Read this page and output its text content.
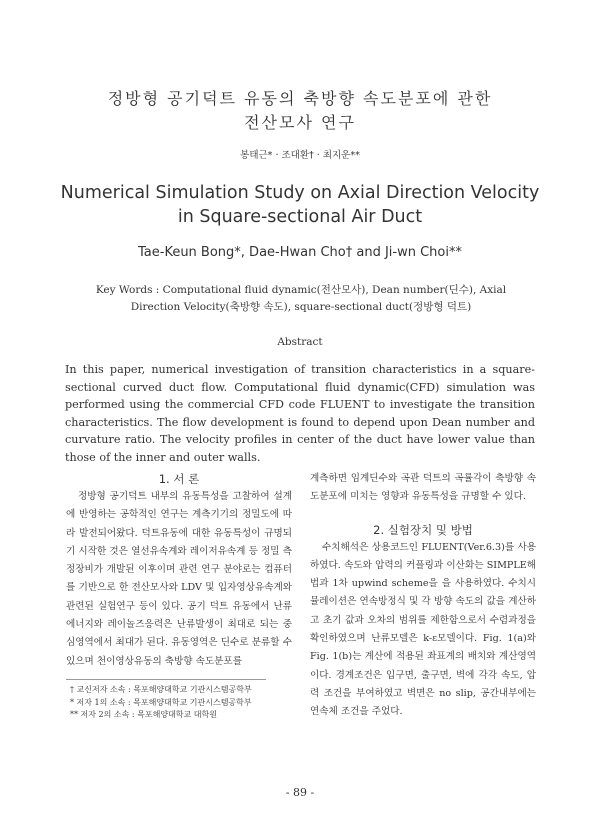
정방형 공기덕트 유동의 축방향 속도분포에 관한
전산모사 연구
봉태근* · 조대환† · 최지운**
Numerical Simulation Study on Axial Direction Velocity
in Square-sectional Air Duct
Tae-Keun Bong*, Dae-Hwan Cho† and Ji-wn Choi**
Key Words : Computational fluid dynamic(전산모사), Dean number(딘수), Axial
Direction Velocity(축방향 속도), square-sectional duct(정방형 덕트)
Abstract
In this paper, numerical investigation of transition characteristics in a square-sectional curved duct flow. Computational fluid dynamic(CFD) simulation was performed using the commercial CFD code FLUENT to investigate the transition characteristics. The flow development is found to depend upon Dean number and curvature ratio. The velocity profiles in center of the duct have lower value than those of the inner and outer walls.

1. 서 론

정방형 공기덕트 내부의 유동특성을 고찰하여 설계에 반영하는 공학적인 연구는 계측기기의 정밀도에 따라 발전되어왔다. 덕트유동에 대한 유동특성이 규명되기 시작한 것은 열선유속계와 레이저유속계 등 정밀 측정장비가 개발된 이후이며 관련 연구 분야로는 컴퓨터를 기반으로 한 전산모사와 LDV 및 입자영상유속계와 관련된 실험연구 등이 있다. 공기 덕트 유동에서 난류에너지와 레이놀즈응력은 난류발생이 최대로 되는 중심영역에서 최대가 된다. 유동영역은 딘수로 분류할 수 있으며 천이영상유동의 축방향 속도분포를

계측하면 임계딘수와 곡관 덕트의 곡률각이 축방향 속도분포에 미치는 영향과 유동특성을 규명할 수 있다.

2. 실험장치 및 방법

수치해석은 상용코드인 FLUENT(Ver.6.3)를 사용하였다. 속도와 압력의 커플링과 이산화는 SIMPLE해법과 1차 upwind scheme을 을 사용하였다. 수치시뮬레이션은 연속방정식 및 각 방향 속도의 값을 계산하고 초기 값과 오차의 범위를 제한함으로서 수렴과정을 확인하였으며 난류모델은 k-ε모델이다. Fig. 1(a)와 Fig. 1(b)는 계산에 적용된 좌표계의 배치와 계산영역이다. 경계조건은 입구면, 출구면, 벽에 각각 속도, 압력 조건을 부여하였고 벽면은 no slip, 공간내부에는 연속체 조건을 주었다.

† 교신저자 소속 : 목포해양대학교 기관시스템공학부
* 저자 1의 소속 : 목포해양대학교 기관시스템공학부
** 저자 2의 소속 : 목포해양대학교 대학원
- 89 -
